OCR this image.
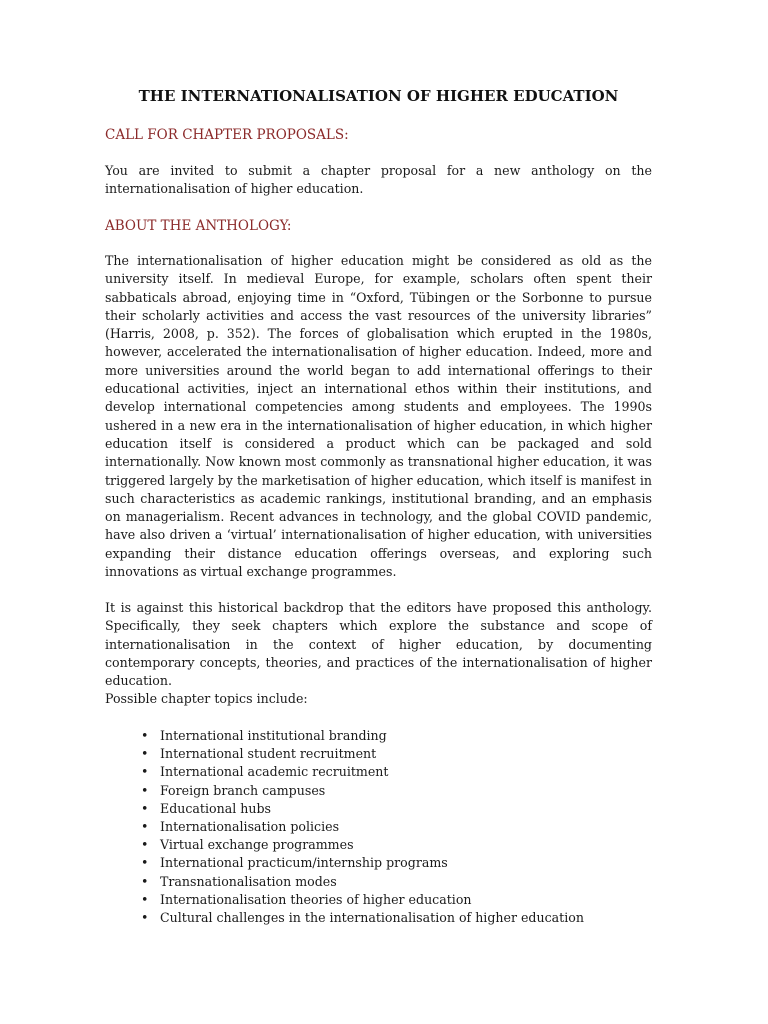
THE INTERNATIONALISATION OF HIGHER EDUCATION
CALL FOR CHAPTER PROPOSALS:

You are invited to submit a chapter proposal for a new anthology on the internationalisation of higher education.

ABOUT THE ANTHOLOGY:

The internationalisation of higher education might be considered as old as the university itself. In medieval Europe, for example, scholars often spent their sabbaticals abroad, enjoying time in “Oxford, Tübingen or the Sorbonne to pursue their scholarly activities and access the vast resources of the university libraries” (Harris, 2008, p. 352). The forces of globalisation which erupted in the 1980s, however, accelerated the internationalisation of higher education. Indeed, more and more universities around the world began to add international offerings to their educational activities, inject an international ethos within their institutions, and develop international competencies among students and employees. The 1990s ushered in a new era in the internationalisation of higher education, in which higher education itself is considered a product which can be packaged and sold internationally. Now known most commonly as transnational higher education, it was triggered largely by the marketisation of higher education, which itself is manifest in such characteristics as academic rankings, institutional branding, and an emphasis on managerialism. Recent advances in technology, and the global COVID pandemic, have also driven a ‘virtual’ internationalisation of higher education, with universities expanding their distance education offerings overseas, and exploring such innovations as virtual exchange programmes.

It is against this historical backdrop that the editors have proposed this anthology. Specifically, they seek chapters which explore the substance and scope of internationalisation in the context of higher education, by documenting contemporary concepts, theories, and practices of the internationalisation of higher education.

Possible chapter topics include:

• International institutional branding
• International student recruitment
• International academic recruitment
• Foreign branch campuses
• Educational hubs
• Internationalisation policies
• Virtual exchange programmes
• International practicum/internship programs
• Transnationalisation modes
• Internationalisation theories of higher education
• Cultural challenges in the internationalisation of higher education
